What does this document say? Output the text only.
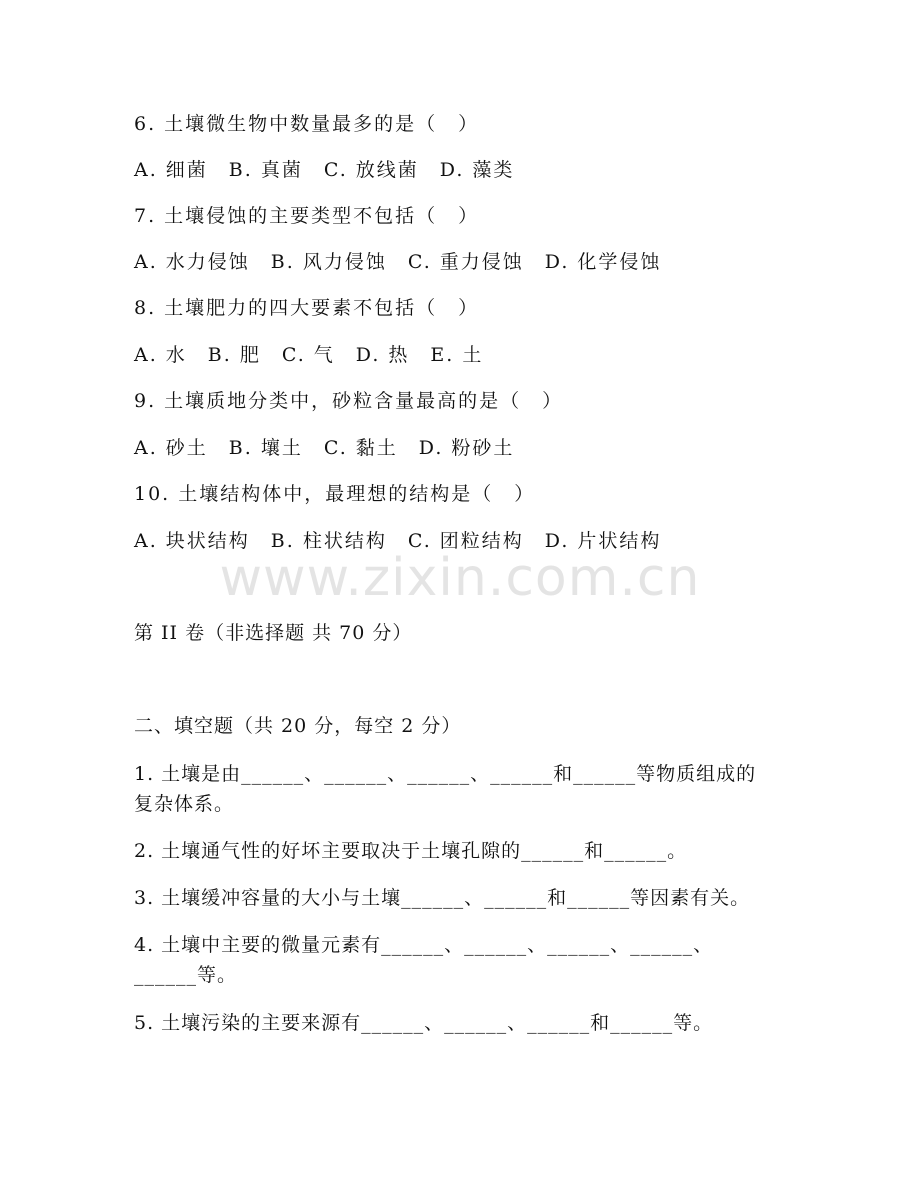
www.zixin.com.cn
6. 土壤微生物中数量最多的是（　）
A. 细菌　B. 真菌　C. 放线菌　D. 藻类
7. 土壤侵蚀的主要类型不包括（　）
A. 水力侵蚀　B. 风力侵蚀　C. 重力侵蚀　D. 化学侵蚀
8. 土壤肥力的四大要素不包括（　）
A. 水　B. 肥　C. 气　D. 热　E. 土
9. 土壤质地分类中，砂粒含量最高的是（　）
A. 砂土　B. 壤土　C. 黏土　D. 粉砂土
10. 土壤结构体中，最理想的结构是（　）
A. 块状结构　B. 柱状结构　C. 团粒结构　D. 片状结构
第 II 卷（非选择题 共 70 分）
二、填空题（共 20 分，每空 2 分）
1. 土壤是由______、______、______、______和______等物质组成的
复杂体系。
2. 土壤通气性的好坏主要取决于土壤孔隙的______和______。
3. 土壤缓冲容量的大小与土壤______、______和______等因素有关。
4. 土壤中主要的微量元素有______、______、______、______、
______等。
5. 土壤污染的主要来源有______、______、______和______等。
